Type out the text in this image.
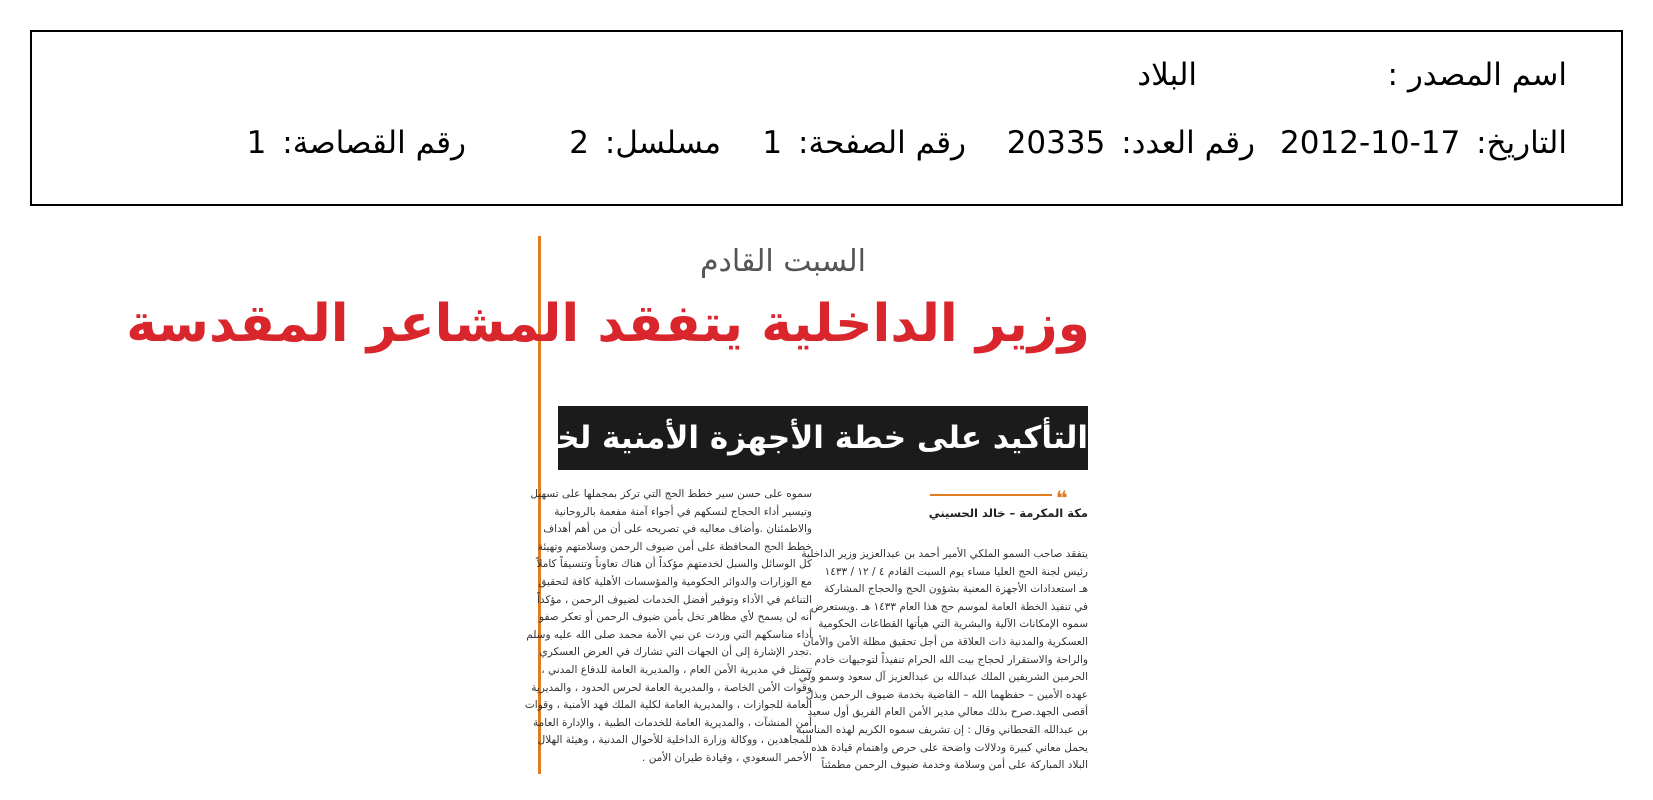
اسم المصدر :
البلاد
التاريخ: 2012-10-17
رقم العدد: 20335
رقم الصفحة: 1
مسلسل: 2
رقم القصاصة: 1
السبت القادم
وزير الداخلية يتفقد المشاعر المقدسة
التأكيد على خطة الأجهزة الأمنية لخدمة الحجاج
❝
مكة المكرمة – خالد الحسيني

يتفقد صاحب السمو الملكي الأمير أحمد بن عبدالعزيز وزير الداخلية

رئيس لجنة الحج العليا مساء يوم السبت القادم ٤ / ١٢ / ١٤٣٣

هـ استعدادات الأجهزة المعنية بشؤون الحج والحجاج المشاركة

في تنفيذ الخطة العامة لموسم حج هذا العام ١٤٣٣ هـ .ويستعرض

سموه الإمكانات الآلية والبشرية التي هيأتها القطاعات الحكومية

العسكرية والمدنية ذات العلاقة من أجل تحقيق مظلة الأمن والأمان

والراحة والاستقرار لحجاج بيت الله الحرام تنفيذاً لتوجيهات خادم

الحرمين الشريفين الملك عبدالله بن عبدالعزيز آل سعود وسمو ولي

عهده الأمين – حفظهما الله – القاضية بخدمة ضيوف الرحمن وبذل

أقصى الجهد.صرح بذلك معالي مدير الأمن العام الفريق أول سعيد

بن عبدالله القحطاني وقال : إن تشريف سموه الكريم لهذه المناسبة

يحمل معاني كبيرة ودلالات واضحة على حرص واهتمام قيادة هذه

البلاد المباركة على أمن وسلامة وخدمة ضيوف الرحمن مطمئناً

سموه على حسن سير خطط الحج التي تركز بمجملها على تسهيل

وتيسير أداء الحجاج لنسكهم في أجواء آمنة مفعمة بالروحانية

والاطمئنان .وأضاف معاليه في تصريحه على أن من أهم أهداف

خطط الحج المحافظة على أمن ضيوف الرحمن وسلامتهم وتهيئة

كل الوسائل والسبل لخدمتهم مؤكداً أن هناك تعاوناً وتنسيقاً كاملاً

مع الوزارات والدوائر الحكومية والمؤسسات الأهلية كافة لتحقيق

التناغم في الأداء وتوفير أفضل الخدمات لضيوف الرحمن ، مؤكداً

أنه لن يسمح لأي مظاهر تخل بأمن ضيوف الرحمن أو تعكر صفو

أداء مناسكهم التي وردت عن نبي الأمة محمد صلى الله عليه وسلم

.تجدر الإشارة إلى أن الجهات التي تشارك في العرض العسكري

تتمثل في مديرية الأمن العام ، والمديرية العامة للدفاع المدني ،

وقوات الأمن الخاصة ، والمديرية العامة لحرس الحدود ، والمديرية

العامة للجوازات ، والمديرية العامة لكلية الملك فهد الأمنية ، وقوات

أمن المنشآت ، والمديرية العامة للخدمات الطبية ، والإدارة العامة

للمجاهدين ، ووكالة وزارة الداخلية للأحوال المدنية ، وهيئة الهلال

الأحمر السعودي ، وقيادة طيران الأمن .
